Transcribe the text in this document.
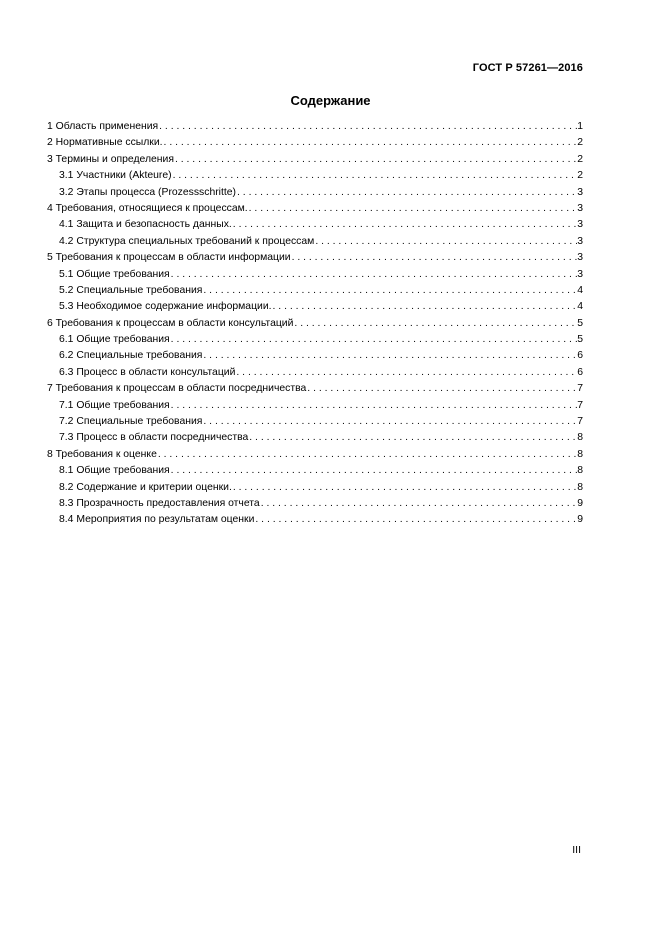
ГОСТ Р 57261—2016
Содержание
1 Область применения . . .	1
2 Нормативные ссылки. . . .	2
3 Термины и определения . . .	2
3.1 Участники (Akteure) . . .	2
3.2 Этапы процесса (Prozessschritte) . . .	3
4 Требования, относящиеся к процессам. . . .	3
4.1 Защита и безопасность данных. . . .	3
4.2 Структура специальных требований к процессам . . .	3
5 Требования к процессам в области информации . . .	3
5.1 Общие требования . . .	3
5.2 Специальные требования . . .	4
5.3 Необходимое содержание информации. . . .	4
6 Требования к процессам в области консультаций . . .	5
6.1 Общие требования . . .	5
6.2 Специальные требования . . .	6
6.3 Процесс в области консультаций . . .	6
7 Требования к процессам в области посредничества . . .	7
7.1 Общие требования . . .	7
7.2 Специальные требования . . .	7
7.3 Процесс в области посредничества . . .	8
8 Требования к оценке . . .	8
8.1 Общие требования . . .	8
8.2 Содержание и критерии оценки. . . .	8
8.3 Прозрачность предоставления отчета . . .	9
8.4 Мероприятия по результатам оценки . . .	9
III
